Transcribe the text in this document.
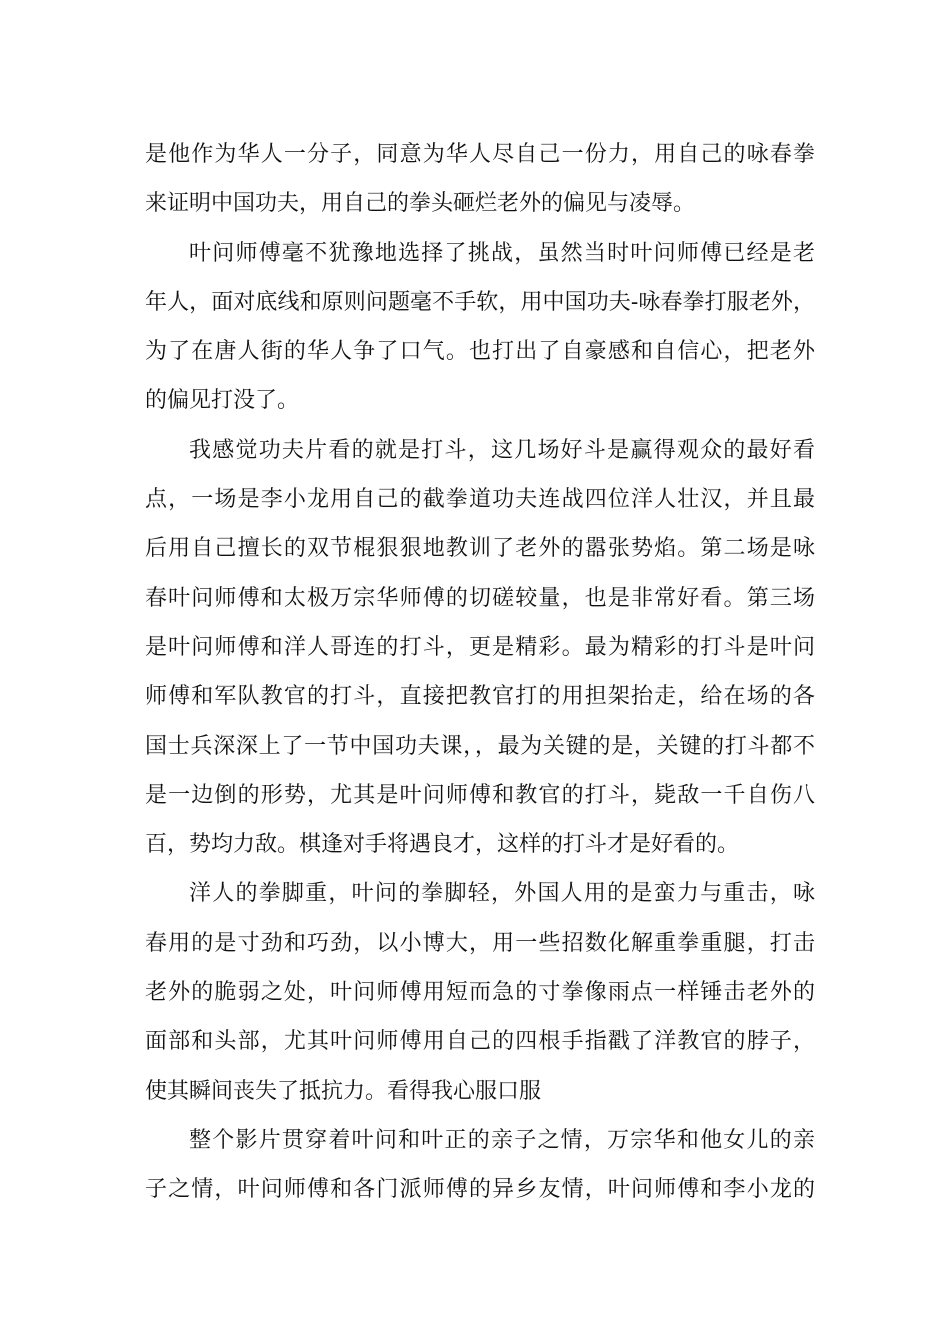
是他作为华人一分子，同意为华人尽自己一份力，用自己的咏春拳
来证明中国功夫，用自己的拳头砸烂老外的偏见与凌辱。
叶问师傅毫不犹豫地选择了挑战，虽然当时叶问师傅已经是老
年人，面对底线和原则问题毫不手软，用中国功夫-咏春拳打服老外，
为了在唐人街的华人争了口气。也打出了自豪感和自信心，把老外
的偏见打没了。
我感觉功夫片看的就是打斗，这几场好斗是赢得观众的最好看
点，一场是李小龙用自己的截拳道功夫连战四位洋人壮汉，并且最
后用自己擅长的双节棍狠狠地教训了老外的嚣张势焰。第二场是咏
春叶问师傅和太极万宗华师傅的切磋较量，也是非常好看。第三场
是叶问师傅和洋人哥连的打斗，更是精彩。最为精彩的打斗是叶问
师傅和军队教官的打斗，直接把教官打的用担架抬走，给在场的各
国士兵深深上了一节中国功夫课，，最为关键的是，关键的打斗都不
是一边倒的形势，尤其是叶问师傅和教官的打斗，毙敌一千自伤八
百，势均力敌。棋逢对手将遇良才，这样的打斗才是好看的。
洋人的拳脚重，叶问的拳脚轻，外国人用的是蛮力与重击，咏
春用的是寸劲和巧劲，以小博大，用一些招数化解重拳重腿，打击
老外的脆弱之处，叶问师傅用短而急的寸拳像雨点一样锤击老外的
面部和头部，尤其叶问师傅用自己的四根手指戳了洋教官的脖子，
使其瞬间丧失了抵抗力。看得我心服口服
整个影片贯穿着叶问和叶正的亲子之情，万宗华和他女儿的亲
子之情，叶问师傅和各门派师傅的异乡友情，叶问师傅和李小龙的
